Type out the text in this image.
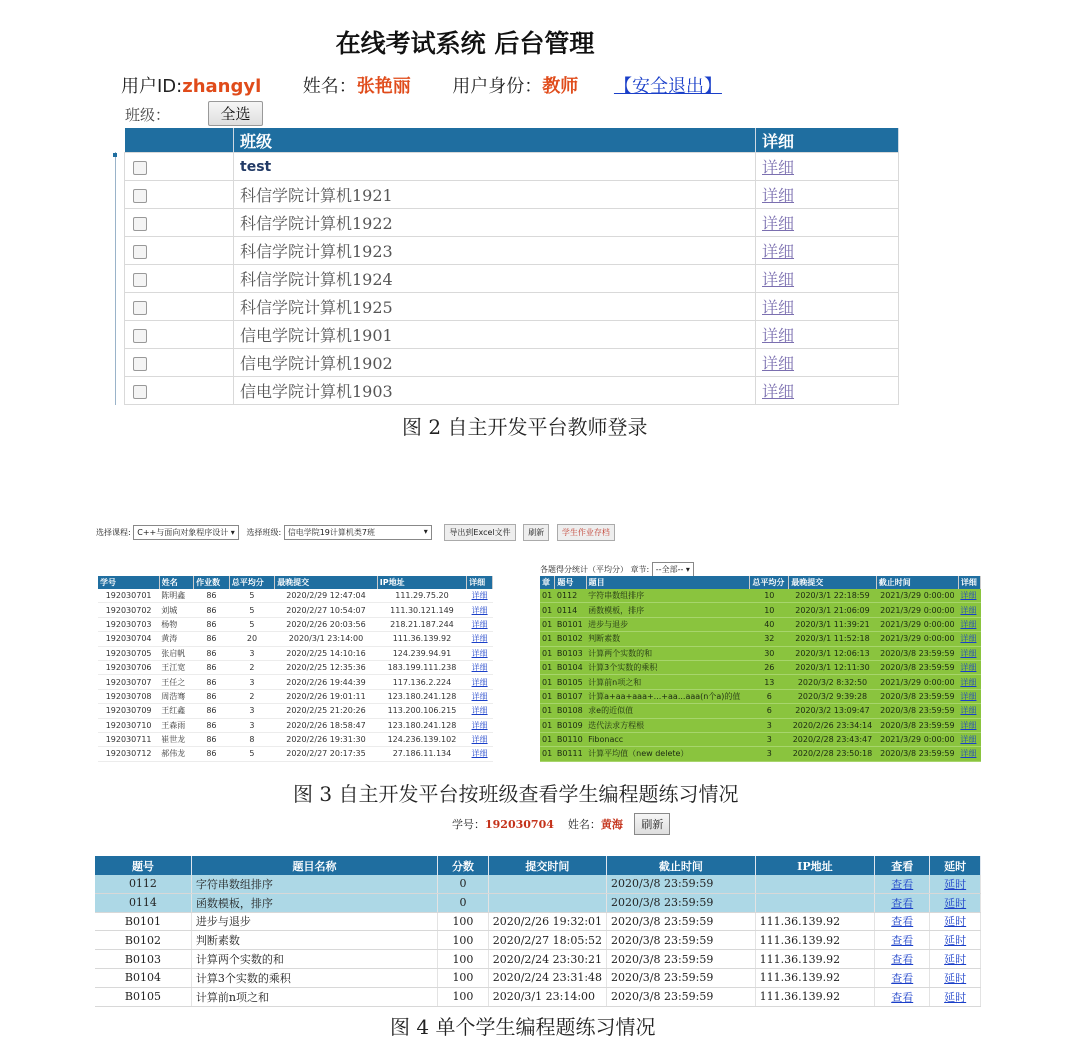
在线考试系统 后台管理
用户ID:zhangyl 姓名：张艳丽 用户身份：教师 【安全退出】
班级：	全选
	班级	详细
	test	详细
	科信学院计算机1921	详细
	科信学院计算机1922	详细
	科信学院计算机1923	详细
	科信学院计算机1924	详细
	科信学院计算机1925	详细
	信电学院计算机1901	详细
	信电学院计算机1902	详细
	信电学院计算机1903	详细
图 2 自主开发平台教师登录
选择课程: C++与面向对象程序设计 ▾ 选择班级: 信电学院19计算机类7班	▾	导出到Excel文件 刷新 学生作业存档
各题得分统计（平均分） 章节: --全部-- ▾
学号	姓名	作业数	总平均分	最晚提交	IP地址	详细
192030701	陈明鑫	86	5	2020/2/29 12:47:04	111.29.75.20	详细
192030702	刘城	86	5	2020/2/27 10:54:07	111.30.121.149	详细
192030703	杨物	86	5	2020/2/26 20:03:56	218.21.187.244	详细
192030704	黄涛	86	20	2020/3/1 23:14:00	111.36.139.92	详细
192030705	张启帆	86	3	2020/2/25 14:10:16	124.239.94.91	详细
192030706	王江宽	86	2	2020/2/25 12:35:36	183.199.111.238	详细
192030707	王任之	86	3	2020/2/26 19:44:39	117.136.2.224	详细
192030708	周浩骞	86	2	2020/2/26 19:01:11	123.180.241.128	详细
192030709	王红鑫	86	3	2020/2/25 21:20:26	113.200.106.215	详细
192030710	王森雨	86	3	2020/2/26 18:58:47	123.180.241.128	详细
192030711	崔世龙	86	8	2020/2/26 19:31:30	124.236.139.102	详细
192030712	郝伟龙	86	5	2020/2/27 20:17:35	27.186.11.134	详细
章	题号	题目	总平均分	最晚提交	截止时间	详细
01	0112	字符串数组排序	10	2020/3/1 22:18:59	2021/3/29 0:00:00	详细
01	0114	函数模板，排序	10	2020/3/1 21:06:09	2021/3/29 0:00:00	详细
01	B0101	进步与退步	40	2020/3/1 11:39:21	2021/3/29 0:00:00	详细
01	B0102	判断素数	32	2020/3/1 11:52:18	2021/3/29 0:00:00	详细
01	B0103	计算两个实数的和	30	2020/3/1 12:06:13	2020/3/8 23:59:59	详细
01	B0104	计算3个实数的乘积	26	2020/3/1 12:11:30	2020/3/8 23:59:59	详细
01	B0105	计算前n项之和	13	2020/3/2 8:32:50	2021/3/29 0:00:00	详细
01	B0107	计算a+aa+aaa+...+aa...aaa(n个a)的值	6	2020/3/2 9:39:28	2020/3/8 23:59:59	详细
01	B0108	求e的近似值	6	2020/3/2 13:09:47	2020/3/8 23:59:59	详细
01	B0109	迭代法求方程根	3	2020/2/26 23:34:14	2020/3/8 23:59:59	详细
01	B0110	Fibonacc	3	2020/2/28 23:43:47	2021/3/29 0:00:00	详细
01	B0111	计算平均值（new delete）	3	2020/2/28 23:50:18	2020/3/8 23:59:59	详细
图 3 自主开发平台按班级查看学生编程题练习情况
学号：192030704 姓名：黄海 刷新
题号	题目名称	分数	提交时间	截止时间	IP地址	查看	延时
0112	字符串数组排序	0		2020/3/8 23:59:59		查看	延时
0114	函数模板，排序	0		2020/3/8 23:59:59		查看	延时
B0101	进步与退步	100	2020/2/26 19:32:01	2020/3/8 23:59:59	111.36.139.92	查看	延时
B0102	判断素数	100	2020/2/27 18:05:52	2020/3/8 23:59:59	111.36.139.92	查看	延时
B0103	计算两个实数的和	100	2020/2/24 23:30:21	2020/3/8 23:59:59	111.36.139.92	查看	延时
B0104	计算3个实数的乘积	100	2020/2/24 23:31:48	2020/3/8 23:59:59	111.36.139.92	查看	延时
B0105	计算前n项之和	100	2020/3/1 23:14:00	2020/3/8 23:59:59	111.36.139.92	查看	延时
图 4 单个学生编程题练习情况
